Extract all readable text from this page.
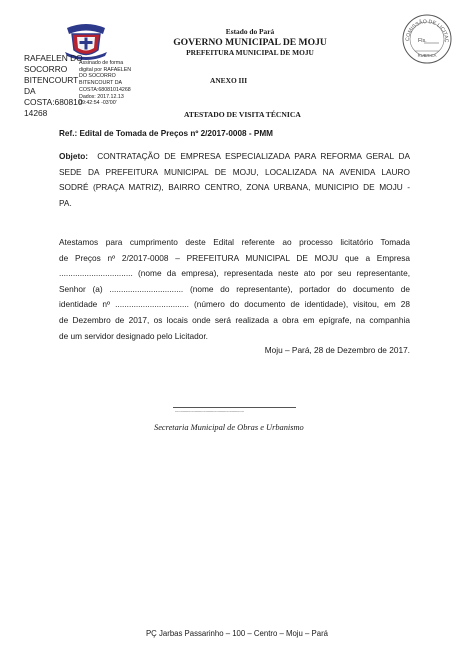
Estado do Pará
GOVERNO MUNICIPAL DE MOJU
PREFEITURA MUNICIPAL DE MOJU
COMISSÃO DE LICITAÇ
Fls.
RUBRICA
RAFAELEN DO
SOCORRO
BITENCOURT
DA
COSTA:680810
14268
Assinado de forma
digital por RAFAELEN
DO SOCORRO
BITENCOURT DA
COSTA:68081014268
Dados: 2017.12.13
09:42:54 -03'00'
ANEXO III
ATESTADO DE VISITA TÉCNICA
Ref.: Edital de Tomada de Preços nº 2/2017-0008 - PMM
Objeto: CONTRATAÇÃO DE EMPRESA ESPECIALIZADA PARA REFORMA GERAL DA
SEDE DA PREFEITURA MUNICIPAL DE MOJU, LOCALIZADA NA AVENIDA LAURO
SODRÉ (PRAÇA MATRIZ), BAIRRO CENTRO, ZONA URBANA, MUNICIPIO DE MOJU -
PA.
Atestamos para cumprimento deste Edital referente ao processo licitatório Tomada
de Preços nº 2/2017-0008 – PREFEITURA MUNICIPAL DE MOJU que a Empresa
................................ (nome da empresa), representada neste ato por seu representante,
Senhor (a) ................................ (nome do representante), portador do documento de
identidade nº ................................ (número do documento de identidade), visitou, em 28
de Dezembro de 2017, os locais onde será realizada a obra em epígrafe, na companhia
de um servidor designado pelo Licitador.
Moju – Pará, 28 de Dezembro de 2017.
...............................................................
Secretaria Municipal de Obras e Urbanismo
PÇ Jarbas Passarinho – 100 – Centro – Moju – Pará
